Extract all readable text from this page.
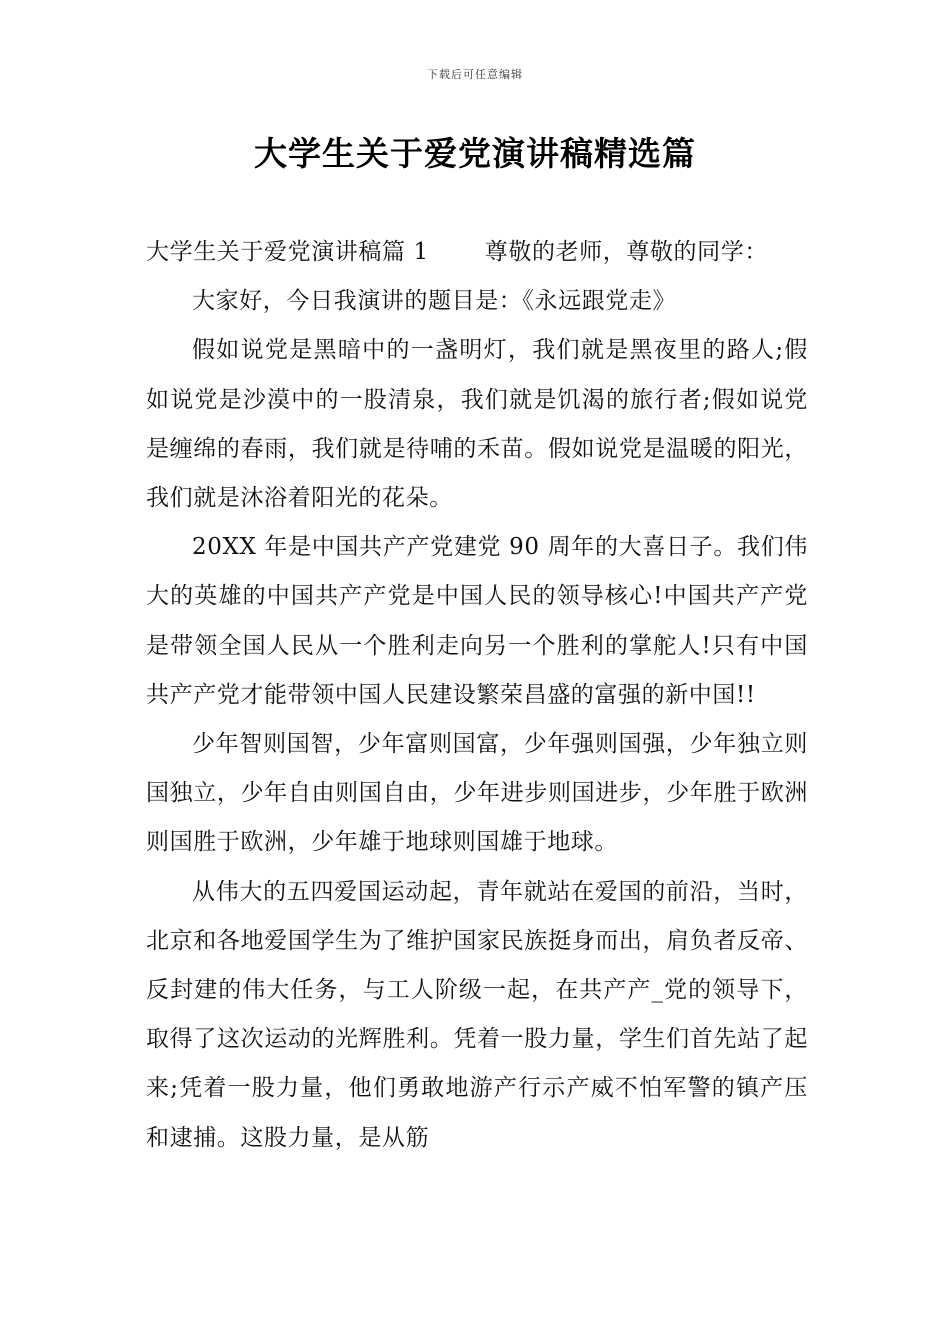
下载后可任意编辑
大学生关于爱党演讲稿精选篇

大学生关于爱党演讲稿篇 1 尊敬的老师，尊敬的同学：

大家好，今日我演讲的题目是：《永远跟党走》

假如说党是黑暗中的一盏明灯，我们就是黑夜里的路人;假如说党是沙漠中的一股清泉，我们就是饥渴的旅行者;假如说党是缠绵的春雨，我们就是待哺的禾苗。假如说党是温暖的阳光，我们就是沐浴着阳光的花朵。

20XX 年是中国共产产党建党 90 周年的大喜日子。我们伟大的英雄的中国共产产党是中国人民的领导核心!中国共产产党是带领全国人民从一个胜利走向另一个胜利的掌舵人!只有中国共产产党才能带领中国人民建设繁荣昌盛的富强的新中国!!

少年智则国智，少年富则国富，少年强则国强，少年独立则国独立，少年自由则国自由，少年进步则国进步，少年胜于欧洲则国胜于欧洲，少年雄于地球则国雄于地球。

从伟大的五四爱国运动起，青年就站在爱国的前沿，当时，北京和各地爱国学生为了维护国家民族挺身而出，肩负者反帝、反封建的伟大任务，与工人阶级一起，在共产产_党的领导下，取得了这次运动的光辉胜利。凭着一股力量，学生们首先站了起来;凭着一股力量，他们勇敢地游产行示产威不怕军警的镇产压和逮捕。这股力量，是从筋
